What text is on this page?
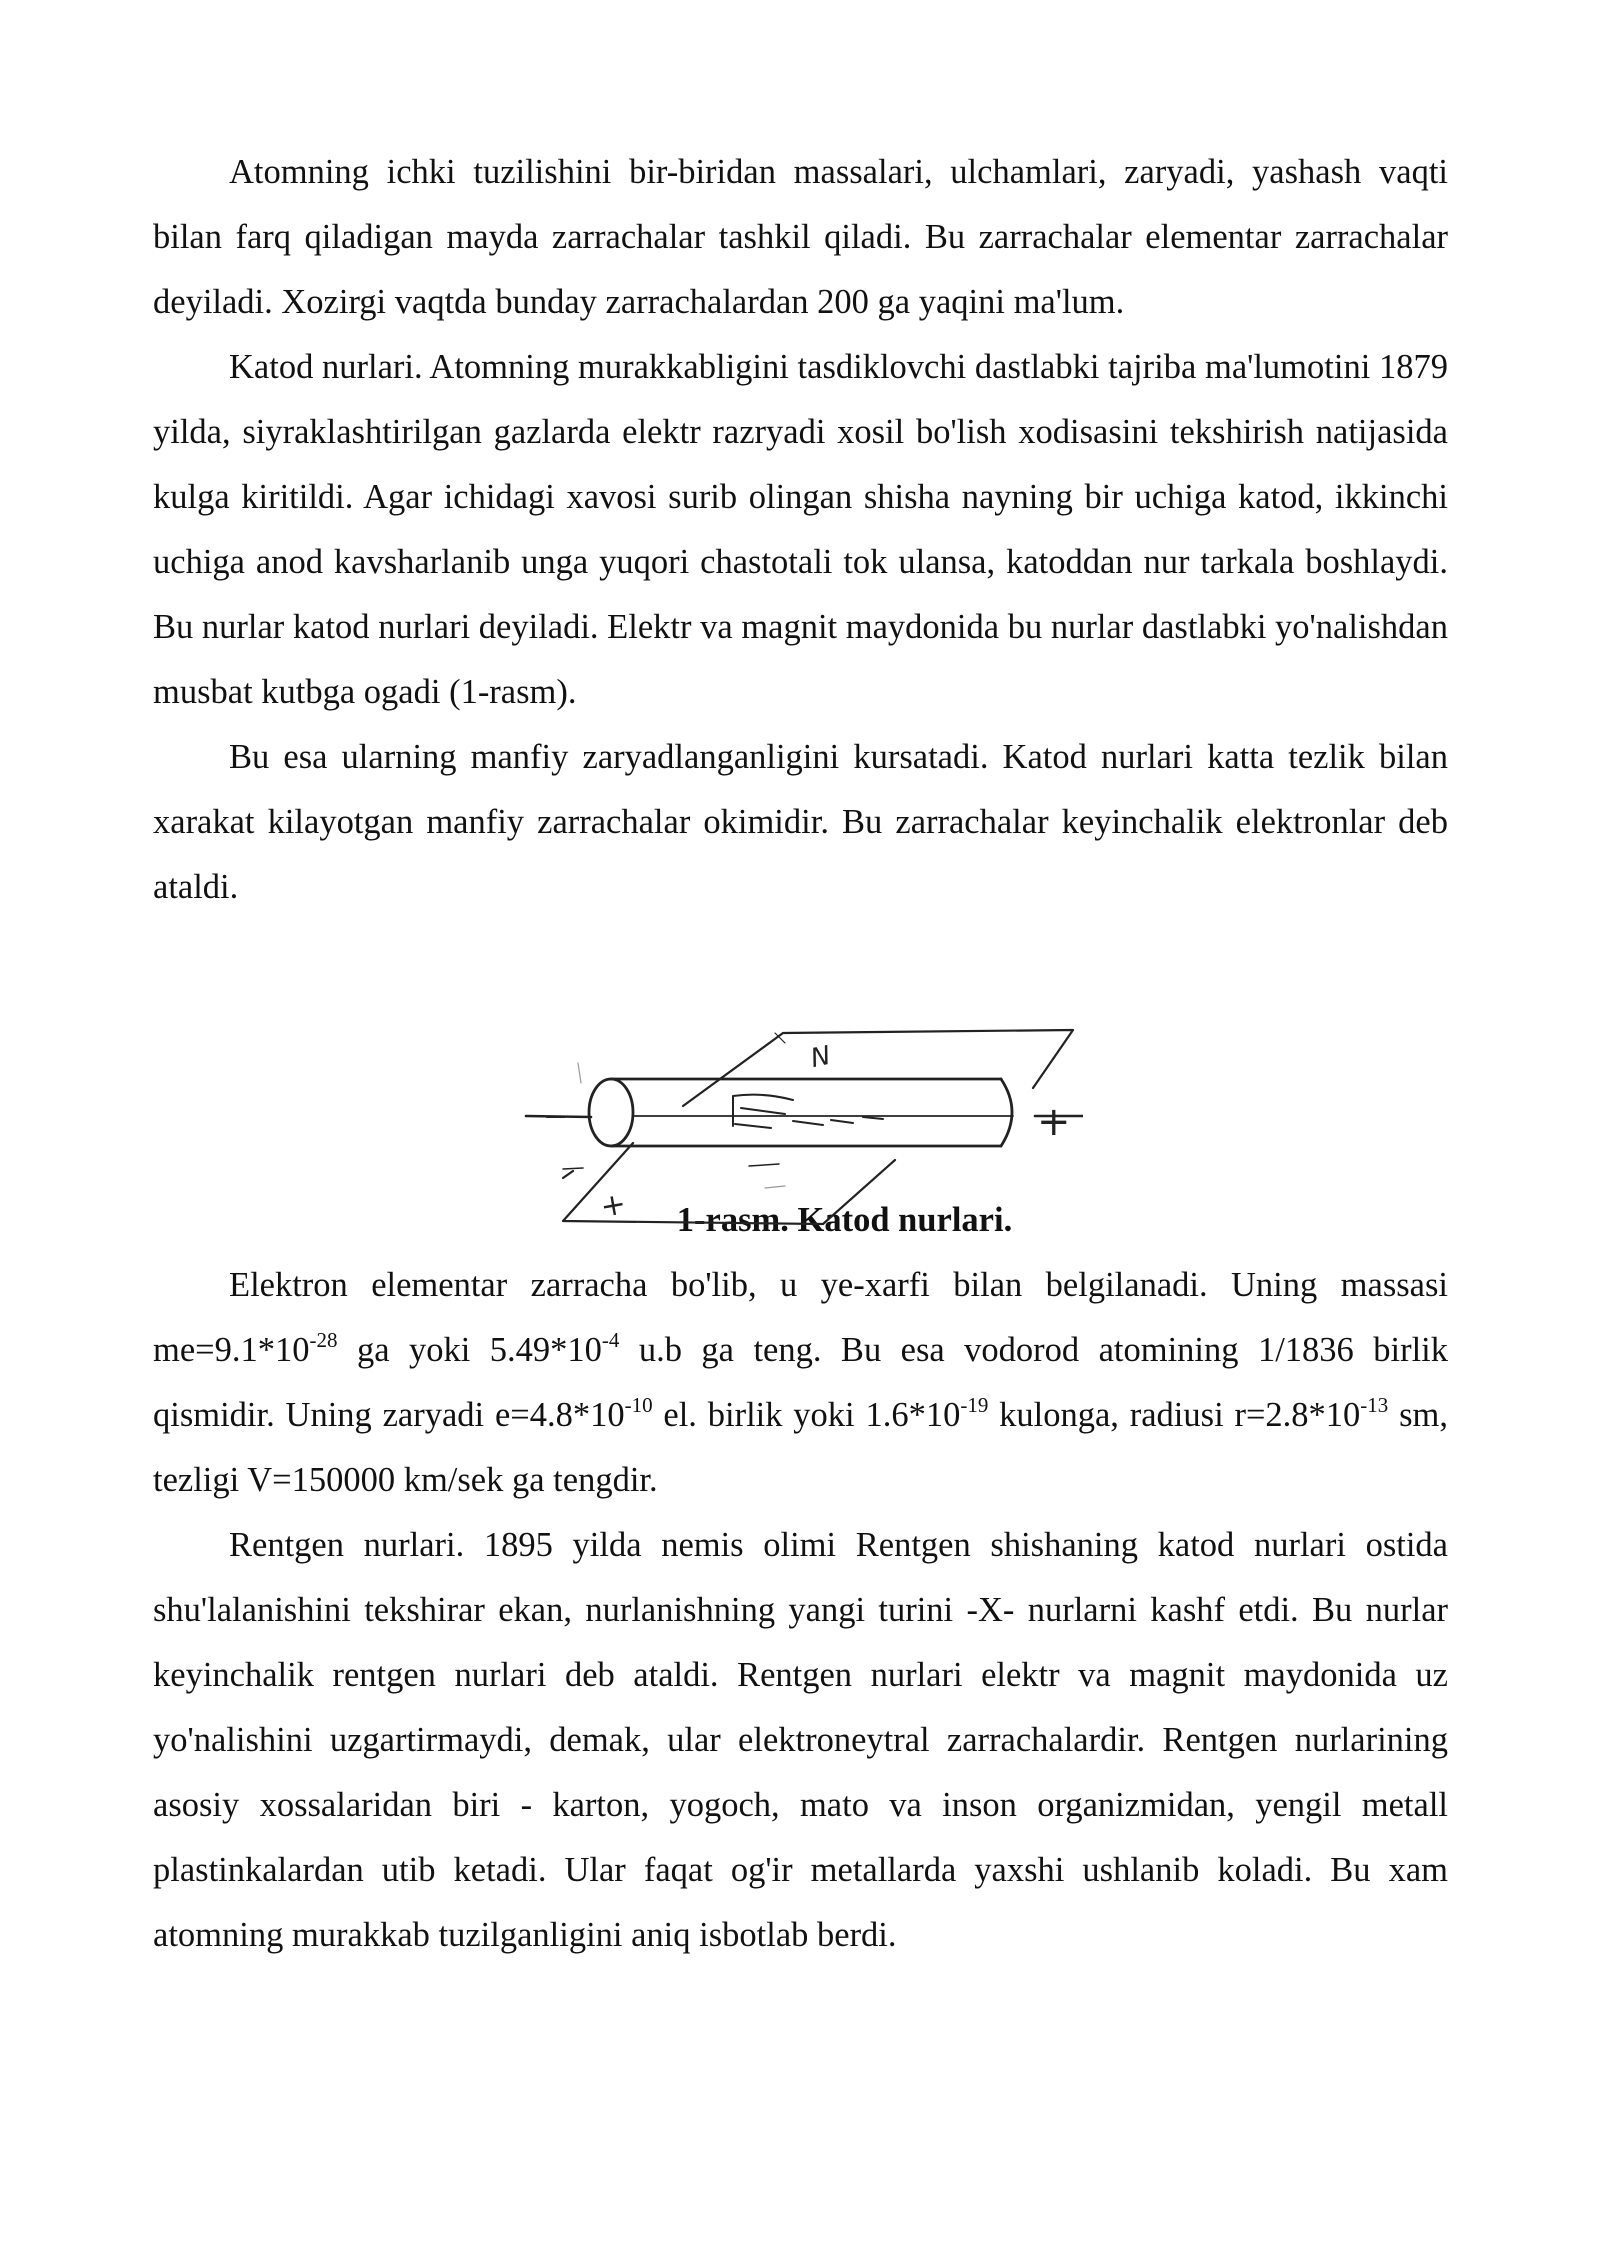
Atomning ichki tuzilishini bir-biridan massalari, ulchamlari, zaryadi, yashash vaqti bilan farq qiladigan mayda zarrachalar tashkil qiladi. Bu zarrachalar elementar zarrachalar deyiladi. Xozirgi vaqtda bunday zarrachalardan 200 ga yaqini ma'lum.

Katod nurlari. Atomning murakkabligini tasdiklovchi dastlabki tajriba ma'lumotini 1879 yilda, siyraklashtirilgan gazlarda elektr razryadi xosil bo'lish xodisasini tekshirish natijasida kulga kiritildi. Agar ichidagi xavosi surib olingan shisha nayning bir uchiga katod, ikkinchi uchiga anod kavsharlanib unga yuqori chastotali tok ulansa, katoddan nur tarkala boshlaydi. Bu nurlar katod nurlari deyiladi. Elektr va magnit maydonida bu nurlar dastlabki yo'nalishdan musbat kutbga ogadi (1-rasm).

Bu esa ularning manfiy zaryadlanganligini kursatadi. Katod nurlari katta tezlik bilan xarakat kilayotgan manfiy zarrachalar okimidir. Bu zarrachalar keyinchalik elektronlar deb ataldi.

−	+
N
+	1-rasm. Katod nurlari.

Elektron elementar zarracha bo'lib, u ye-xarfi bilan belgilanadi. Uning massasi $me=9.1*10^{-28}$ ga yoki $5.49*10^{-4}$ u.b ga teng. Bu esa vodorod atomining 1/1836 birlik qismidir. Uning zaryadi $e=4.8*10^{-10}$ el. birlik yoki $1.6*10^{-19}$ kulonga, radiusi $r=2.8*10^{-13}$ sm, tezligi V=150000 km/sek ga tengdir.

Rentgen nurlari. 1895 yilda nemis olimi Rentgen shishaning katod nurlari ostida shu'lalanishini tekshirar ekan, nurlanishning yangi turini -X- nurlarni kashf etdi. Bu nurlar keyinchalik rentgen nurlari deb ataldi. Rentgen nurlari elektr va magnit maydonida uz yo'nalishini uzgartirmaydi, demak, ular elektroneytral zarrachalardir. Rentgen nurlarining asosiy xossalaridan biri - karton, yogoch, mato va inson organizmidan, yengil metall plastinkalardan utib ketadi. Ular faqat og'ir metallarda yaxshi ushlanib koladi. Bu xam atomning murakkab tuzilganligini aniq isbotlab berdi.
